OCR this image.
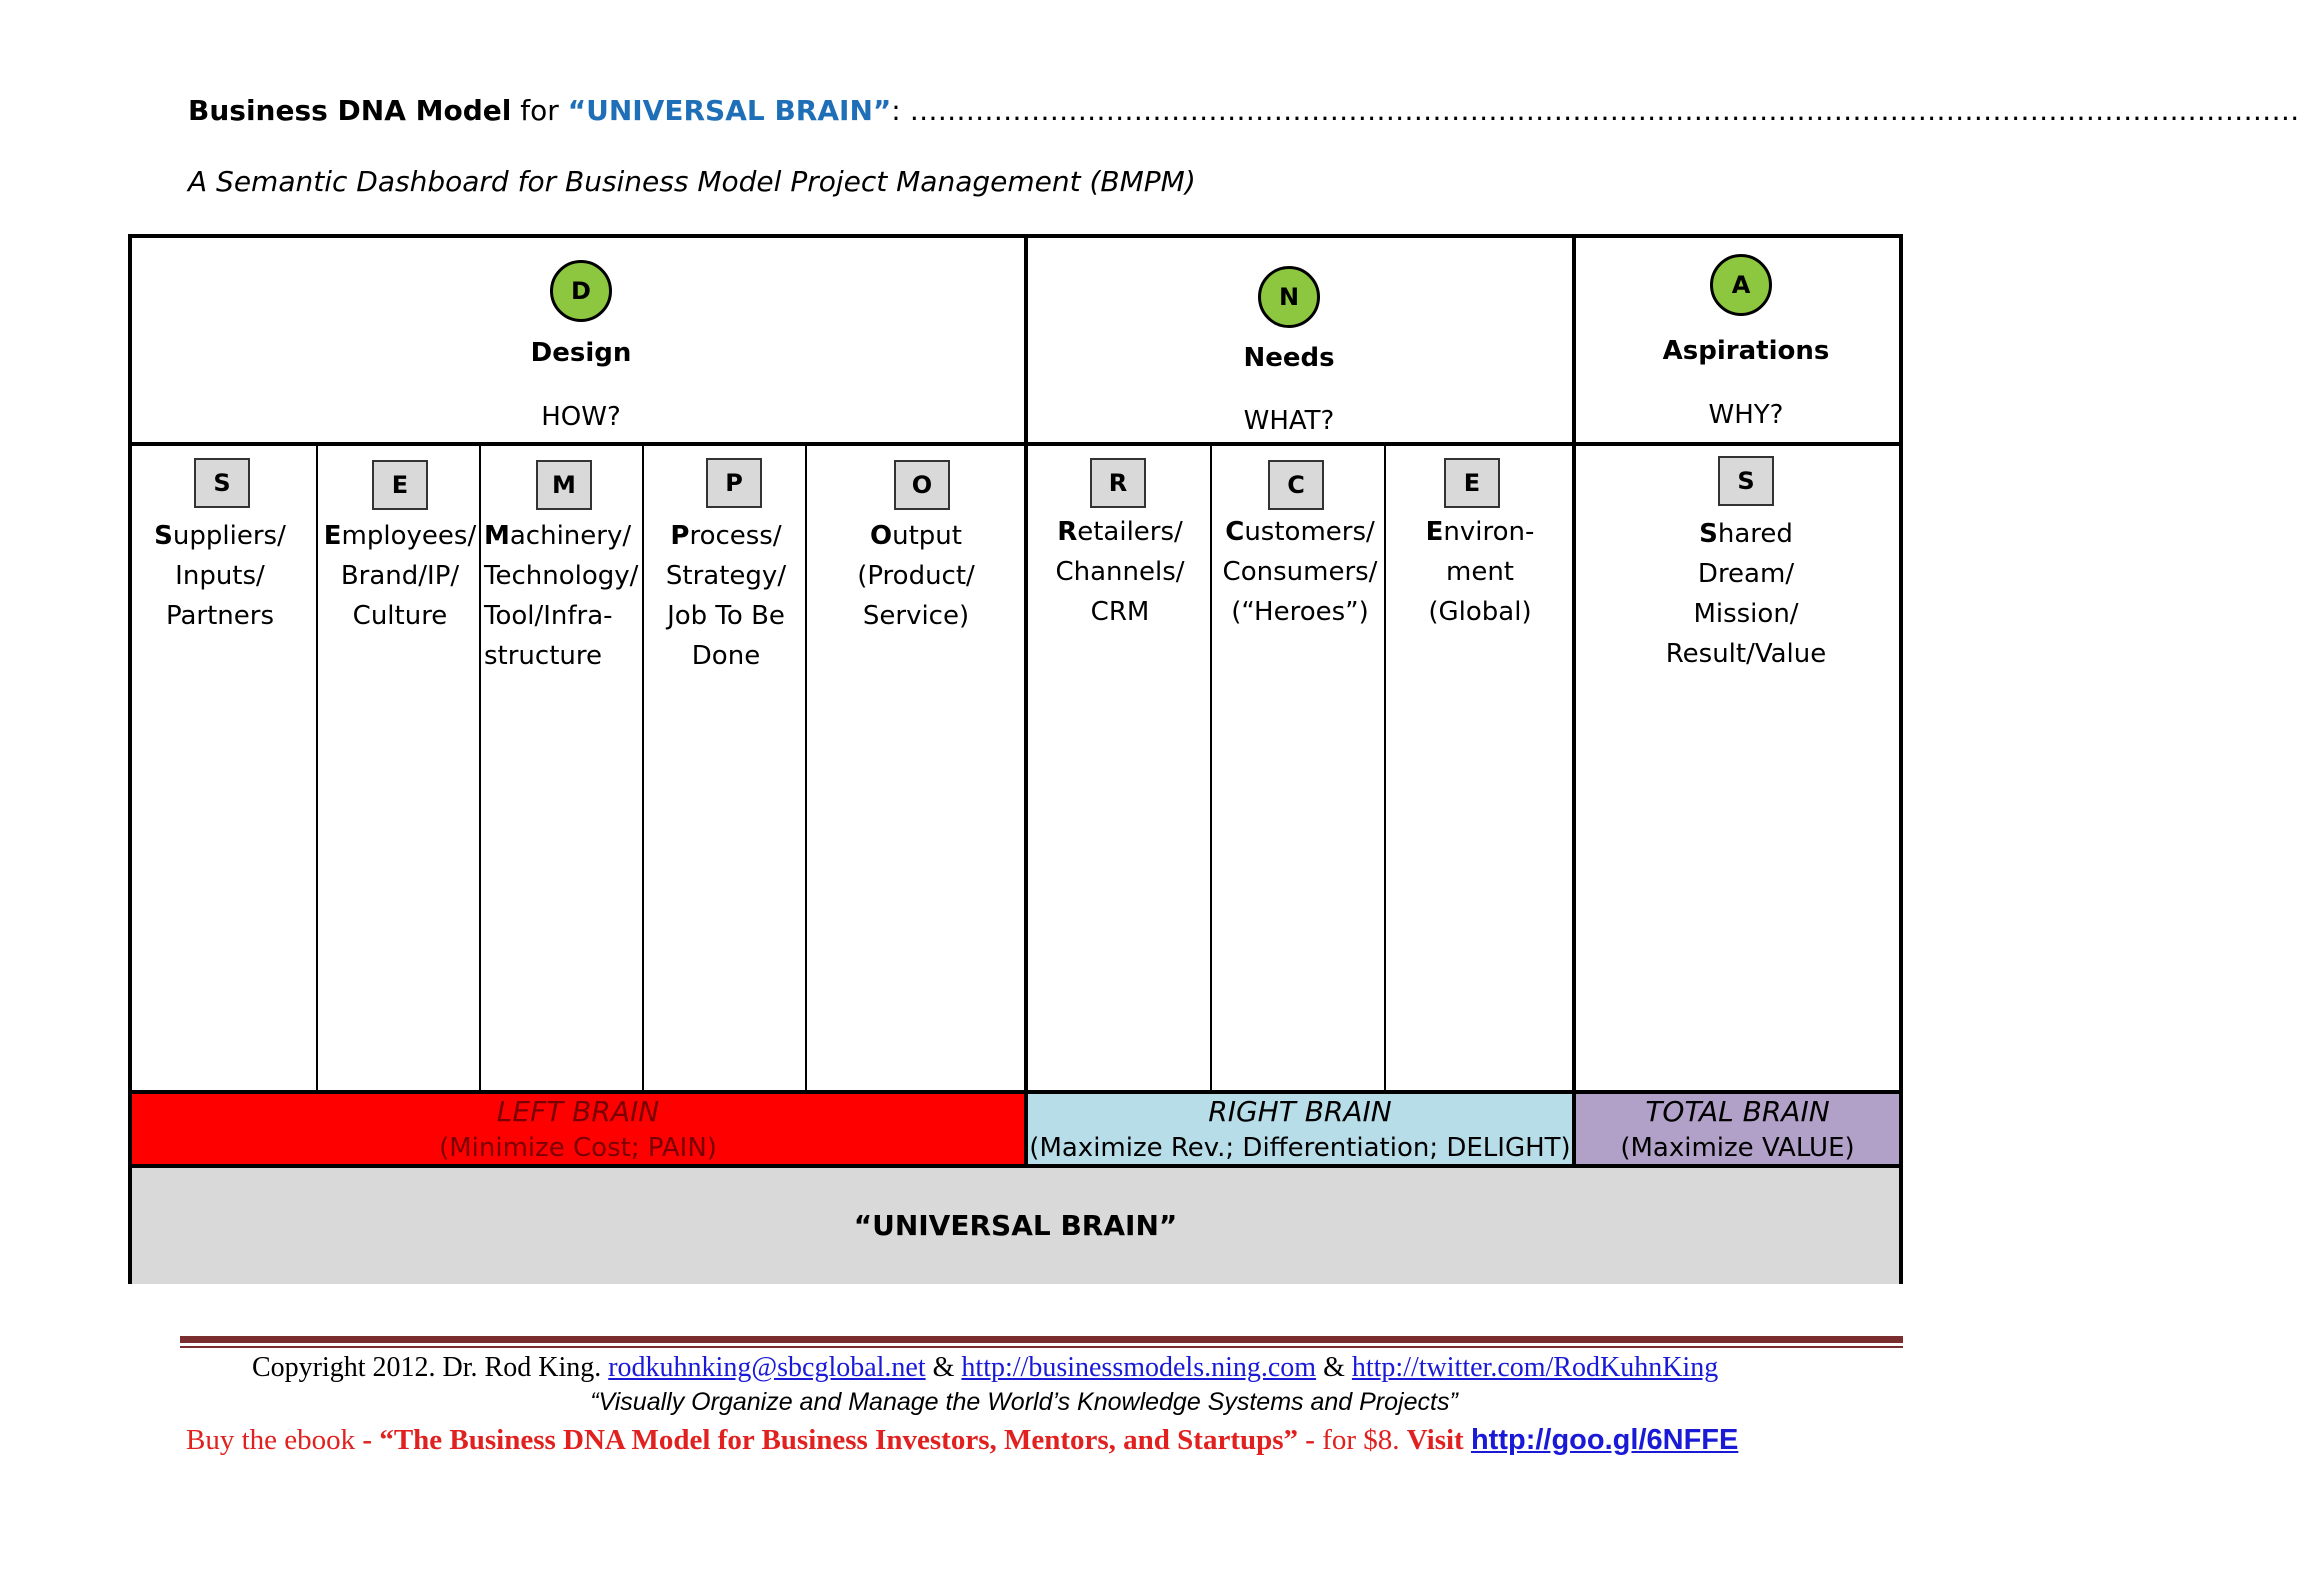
Business DNA Model for “UNIVERSAL BRAIN”: ………………………………………………………………………………………………………………………..…………
A Semantic Dashboard for Business Model Project Management (BMPM)
D
Design
HOW?
N
Needs
WHAT?
A
Aspirations
WHY?
S
Suppliers/
Inputs/
Partners
E
Employees/
Brand/IP/
Culture
M
Machinery/
Technology/
Tool/Infra-
structure
P
Process/
Strategy/
Job To Be
Done
O
Output
(Product/
Service)
R
Retailers/
Channels/
CRM
C
Customers/
Consumers/
(“Heroes”)
E
Environ-
ment
(Global)
S
Shared
Dream/
Mission/
Result/Value
LEFT BRAIN
(Minimize Cost; PAIN)
RIGHT BRAIN
(Maximize Rev.; Differentiation; DELIGHT)
TOTAL BRAIN
(Maximize VALUE)
“UNIVERSAL BRAIN”
Copyright 2012. Dr. Rod King. rodkuhnking@sbcglobal.net & http://businessmodels.ning.com & http://twitter.com/RodKuhnKing
“Visually Organize and Manage the World’s Knowledge Systems and Projects”
Buy the ebook - “The Business DNA Model for Business Investors, Mentors, and Startups” - for $8. Visit http://goo.gl/6NFFE
